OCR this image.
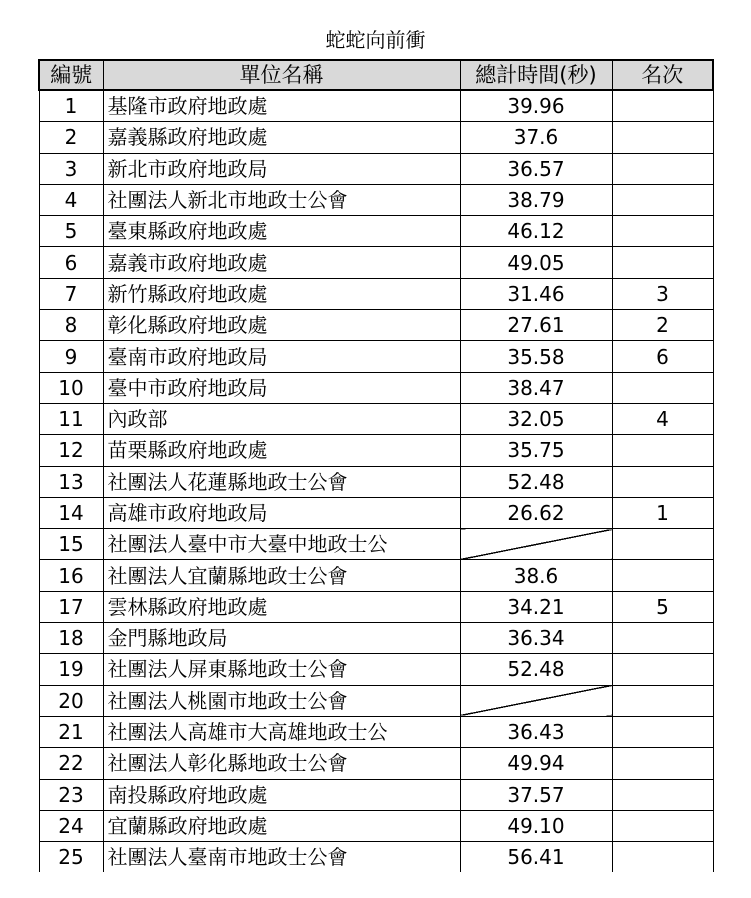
蛇蛇向前衝
編號	單位名稱	總計時間(秒)	名次
1	基隆市政府地政處	39.96	
2	嘉義縣政府地政處	37.6	
3	新北市政府地政局	36.57	
4	社團法人新北市地政士公會	38.79	
5	臺東縣政府地政處	46.12	
6	嘉義市政府地政處	49.05	
7	新竹縣政府地政處	31.46	3
8	彰化縣政府地政處	27.61	2
9	臺南市政府地政局	35.58	6
10	臺中市政府地政局	38.47	
11	內政部	32.05	4
12	苗栗縣政府地政處	35.75	
13	社團法人花蓮縣地政士公會	52.48	
14	高雄市政府地政局	26.62	1
15	社團法人臺中市大臺中地政士公		
16	社團法人宜蘭縣地政士公會	38.6	
17	雲林縣政府地政處	34.21	5
18	金門縣地政局	36.34	
19	社團法人屏東縣地政士公會	52.48	
20	社團法人桃園市地政士公會		
21	社團法人高雄市大高雄地政士公	36.43	
22	社團法人彰化縣地政士公會	49.94	
23	南投縣政府地政處	37.57	
24	宜蘭縣政府地政處	49.10	
25	社團法人臺南市地政士公會	56.41	
